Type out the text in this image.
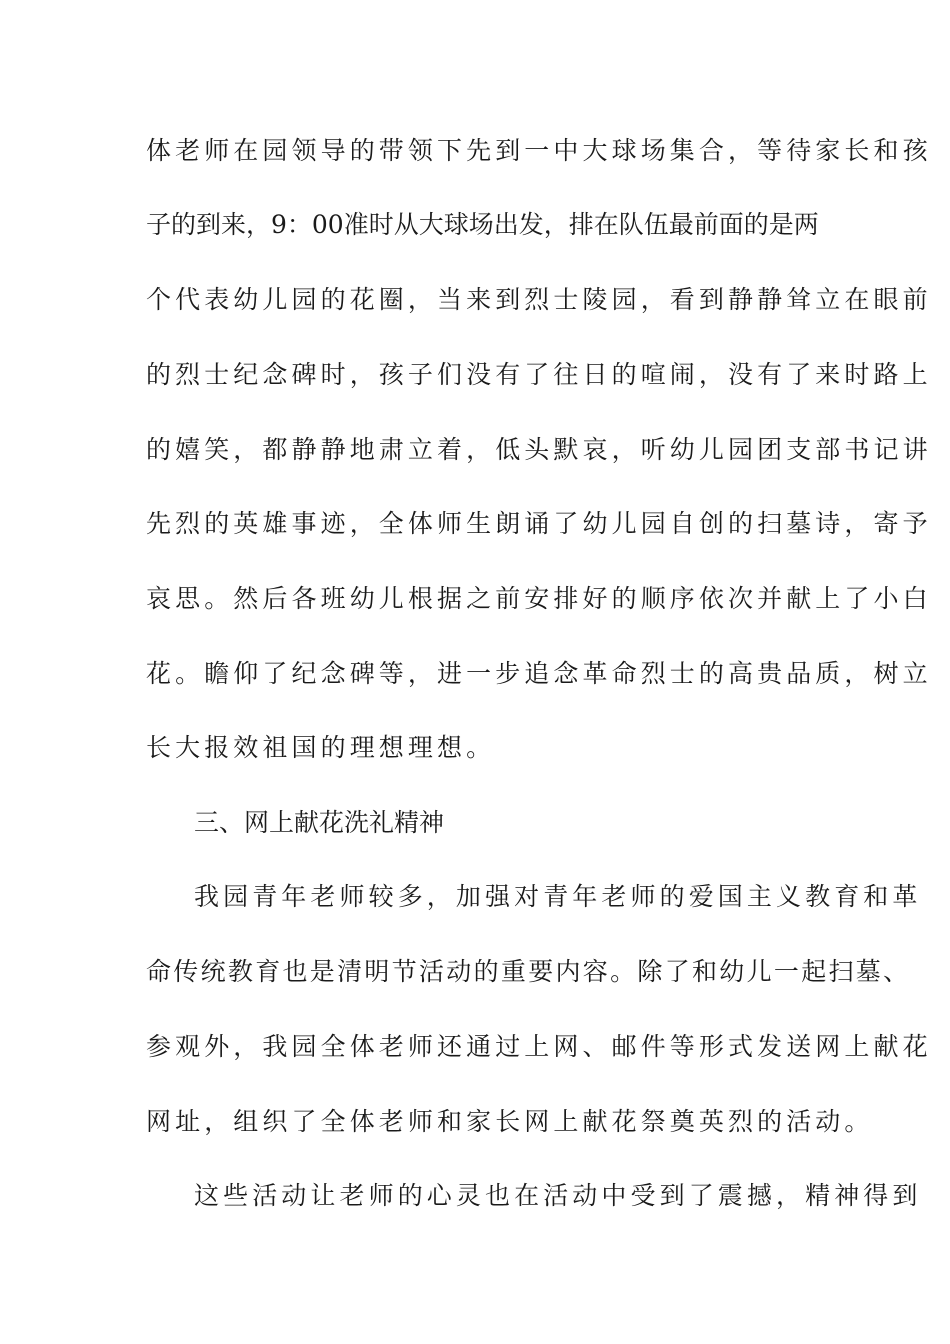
体老师在园领导的带领下先到一中大球场集合，等待家长和孩
子的到来，9：00准时从大球场出发，排在队伍最前面的是两
个代表幼儿园的花圈，当来到烈士陵园，看到静静耸立在眼前
的烈士纪念碑时，孩子们没有了往日的喧闹，没有了来时路上
的嬉笑，都静静地肃立着，低头默哀，听幼儿园团支部书记讲
先烈的英雄事迹，全体师生朗诵了幼儿园自创的扫墓诗，寄予
哀思。然后各班幼儿根据之前安排好的顺序依次并献上了小白
花。瞻仰了纪念碑等，进一步追念革命烈士的高贵品质，树立
长大报效祖国的理想理想。
三、网上献花洗礼精神
我园青年老师较多，加强对青年老师的爱国主义教育和革
命传统教育也是清明节活动的重要内容。除了和幼儿一起扫墓、
参观外，我园全体老师还通过上网、邮件等形式发送网上献花
网址，组织了全体老师和家长网上献花祭奠英烈的活动。
这些活动让老师的心灵也在活动中受到了震撼，精神得到
